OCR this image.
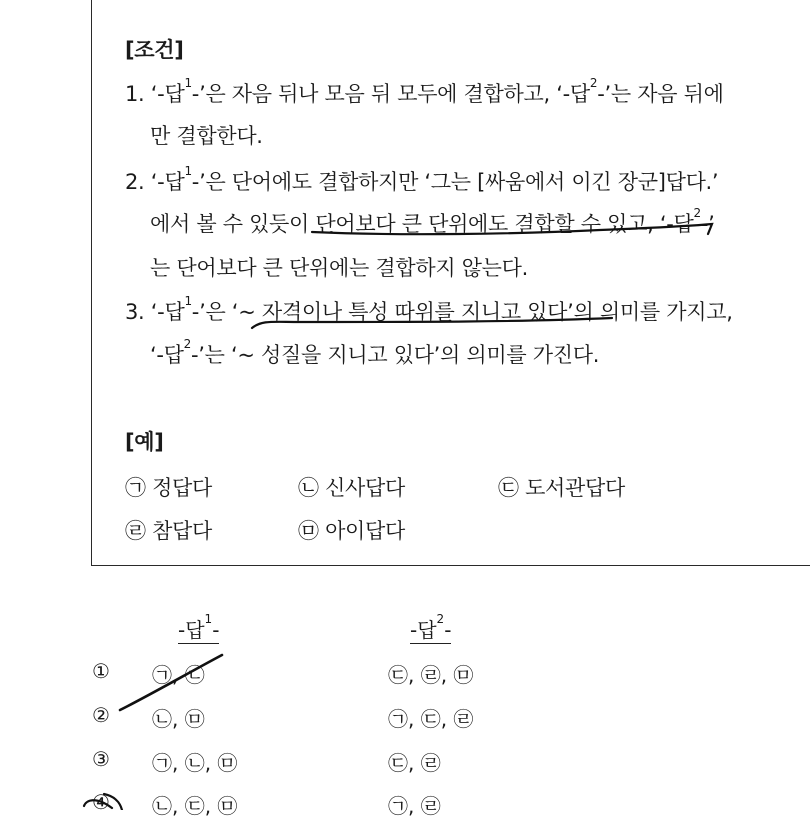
[조건]
1. ‘-답$^1$-’은 자음 뒤나 모음 뒤 모두에 결합하고, ‘-답$^2$-’는 자음 뒤에
만 결합한다.
2. ‘-답$^1$-’은 단어에도 결합하지만 ‘그는 [싸움에서 이긴 장군]답다.’
에서 볼 수 있듯이 단어보다 큰 단위에도 결합할 수 있고, ‘-답$^2$-’
는 단어보다 큰 단위에는 결합하지 않는다.
3. ‘-답$^1$-’은 ‘~ 자격이나 특성 따위를 지니고 있다’의 의미를 가지고,
‘-답$^2$-’는 ‘~ 성질을 지니고 있다’의 의미를 가진다.
[예]
㉠ 정답다	㉡ 신사답다	㉢ 도서관답다
㉣ 참답다	㉤ 아이답다
-답$^1$-	-답$^2$-
① ㉠, ㉡	㉢, ㉣, ㉤
② ㉡, ㉤	㉠, ㉢, ㉣
③ ㉠, ㉡, ㉤	㉢, ㉣
④ ㉡, ㉢, ㉤	㉠, ㉣
